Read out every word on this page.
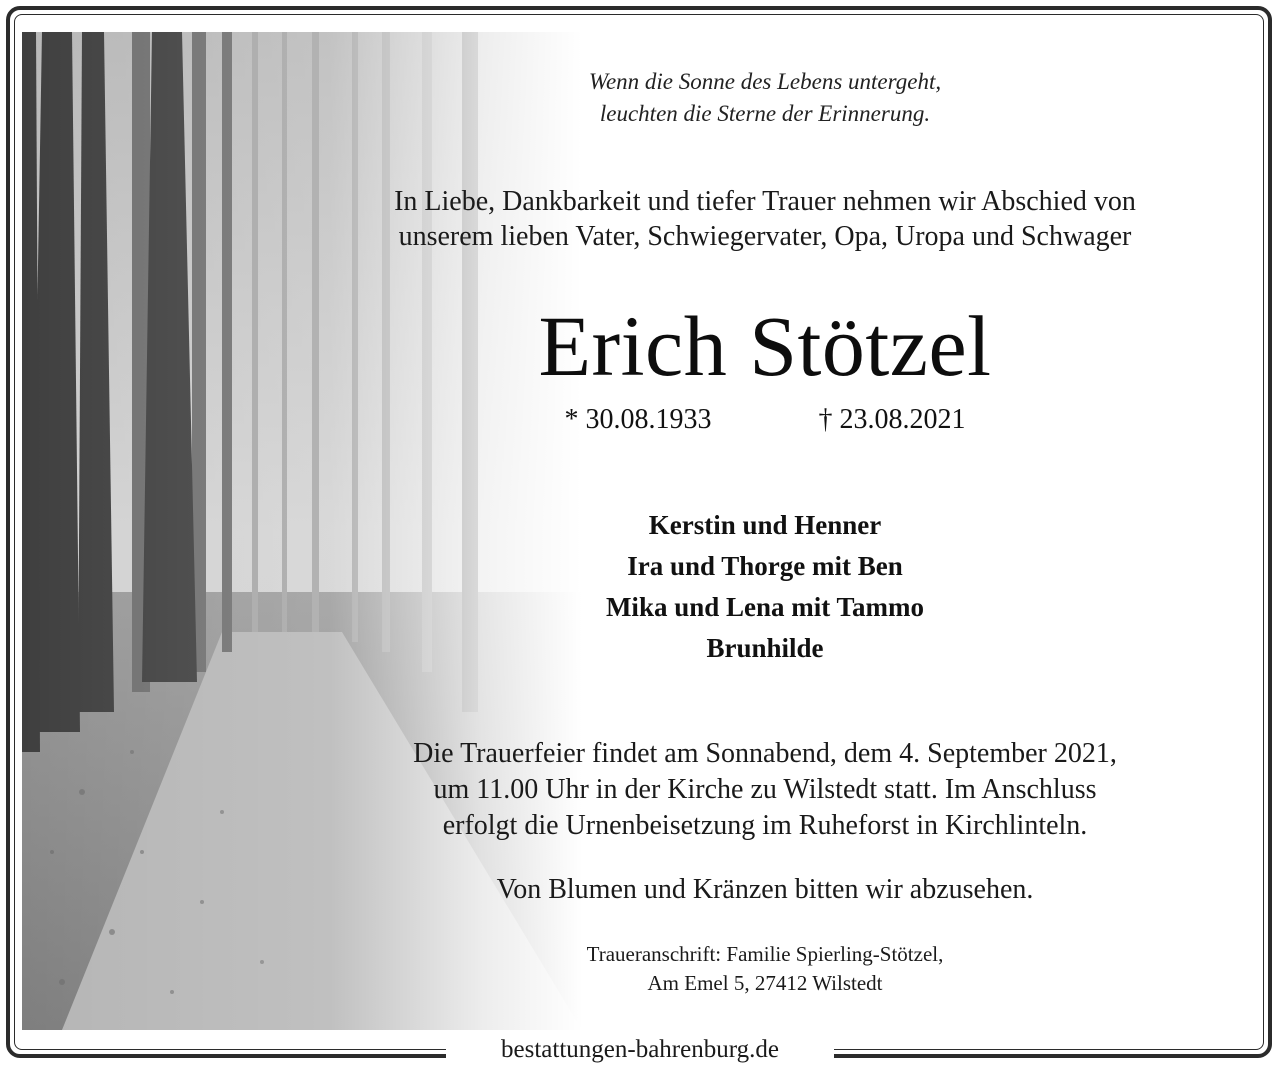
Wenn die Sonne des Lebens untergeht,
leuchten die Sterne der Erinnerung.
In Liebe, Dankbarkeit und tiefer Trauer nehmen wir Abschied von
unserem lieben Vater, Schwiegervater, Opa, Uropa und Schwager
Erich Stötzel
* 30.08.1933	† 23.08.2021
Kerstin und Henner
Ira und Thorge mit Ben
Mika und Lena mit Tammo
Brunhilde
Die Trauerfeier findet am Sonnabend, dem 4. September 2021,
um 11.00 Uhr in der Kirche zu Wilstedt statt. Im Anschluss
erfolgt die Urnenbeisetzung im Ruheforst in Kirchlinteln.
Von Blumen und Kränzen bitten wir abzusehen.
Traueranschrift: Familie Spierling-Stötzel,
Am Emel 5, 27412 Wilstedt
bestattungen-bahrenburg.de
